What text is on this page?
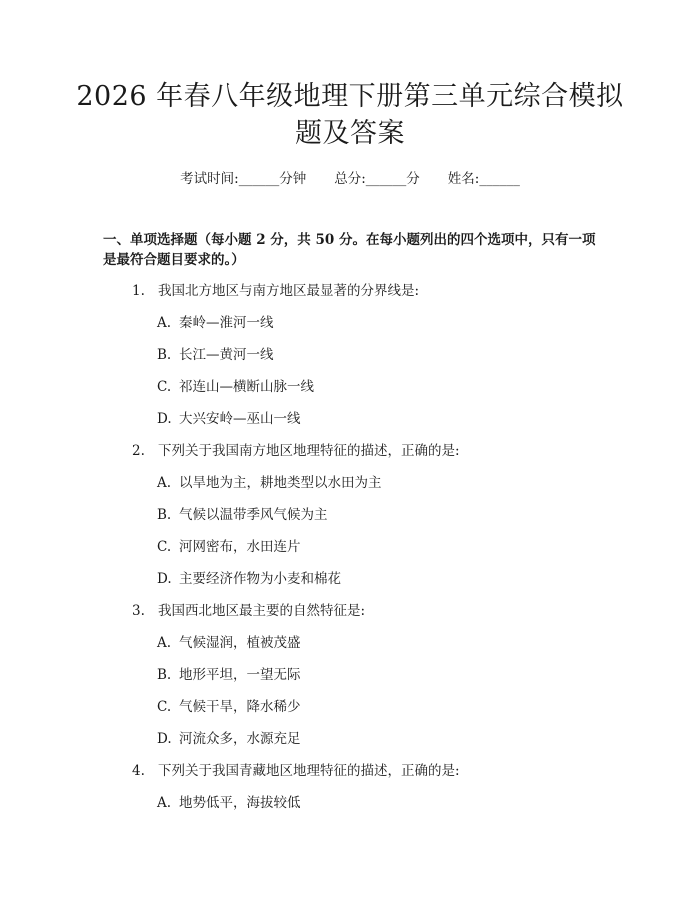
2026 年春八年级地理下册第三单元综合模拟
题及答案
考试时间:______分钟 总分:______分 姓名:______
一、单项选择题（每小题 2 分，共 50 分。在每小题列出的四个选项中，只有一项是最符合题目要求的。）
1. 我国北方地区与南方地区最显著的分界线是:
A. 秦岭—淮河一线
B. 长江—黄河一线
C. 祁连山—横断山脉一线
D. 大兴安岭—巫山一线
2. 下列关于我国南方地区地理特征的描述，正确的是:
A. 以旱地为主，耕地类型以水田为主
B. 气候以温带季风气候为主
C. 河网密布，水田连片
D. 主要经济作物为小麦和棉花
3. 我国西北地区最主要的自然特征是:
A. 气候湿润，植被茂盛
B. 地形平坦，一望无际
C. 气候干旱，降水稀少
D. 河流众多，水源充足
4. 下列关于我国青藏地区地理特征的描述，正确的是:
A. 地势低平，海拔较低
